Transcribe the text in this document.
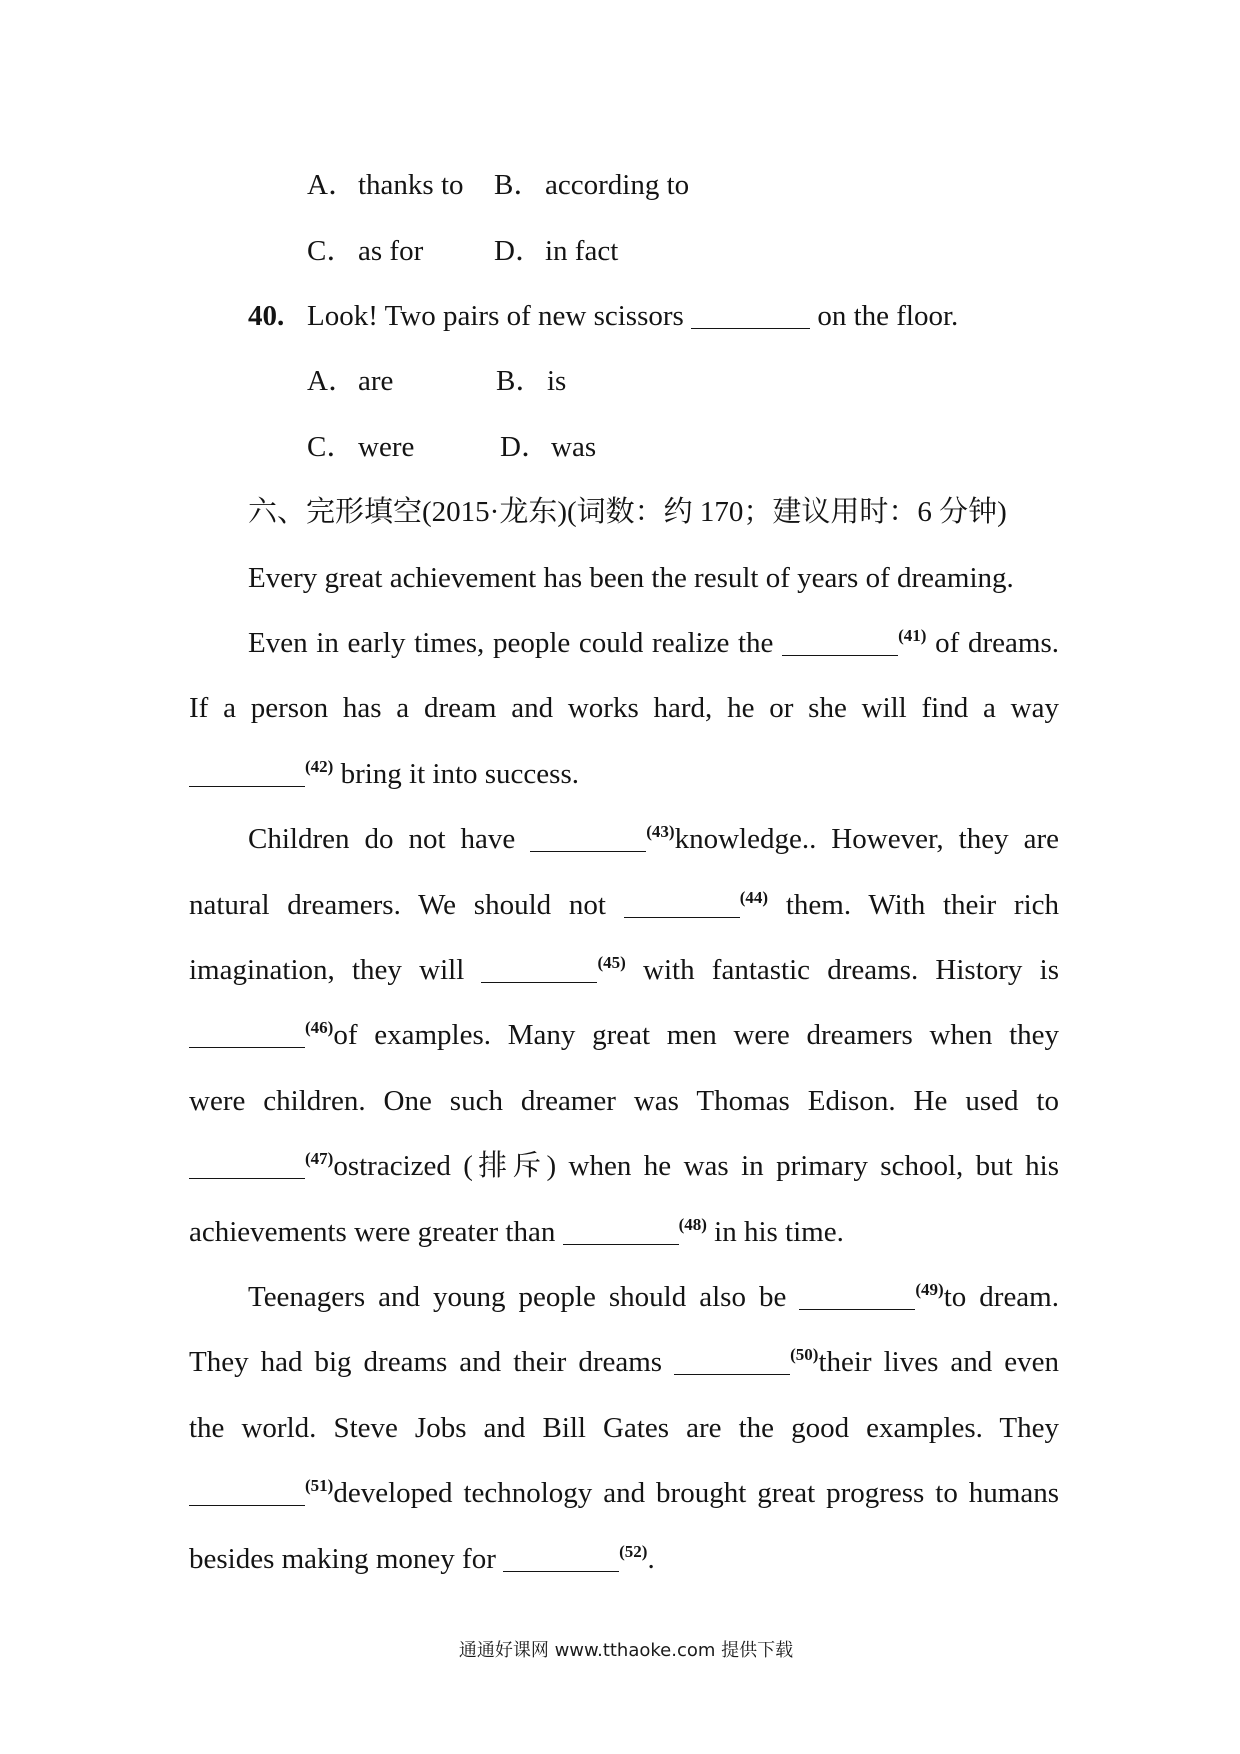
A．thanks to B．according to
C．as for D．in fact
40. Look! Two pairs of new scissors	on the floor.
A．are	B．is
C．were	D．was
六、完形填空(2015·龙东)(词数：约 170；建议用时：6 分钟)
Every great achievement has been the result of years of dreaming.
Even in early times, people could realize the	$^{(41)}$ of dreams.
If a person has a dream and works hard, he or she will find a way
$^{(42)}$ bring it into success.
Children do not have	$^{(43)}$knowledge.. However, they are
natural dreamers. We should not	$^{(44)}$ them. With their rich
imagination, they will	$^{(45)}$ with fantastic dreams. History is
$^{(46)}$of examples. Many great men were dreamers when they
were children. One such dreamer was Thomas Edison. He used to
$^{(47)}$ostracized (排斥) when he was in primary school, but his
achievements were greater than	$^{(48)}$ in his time.
Teenagers and young people should also be	$^{(49)}$to dream.
They had big dreams and their dreams	$^{(50)}$their lives and even
the world. Steve Jobs and Bill Gates are the good examples. They
$^{(51)}$developed technology and brought great progress to humans
besides making money for	$^{(52)}$.
通通好课网 www.tthaoke.com 提供下载
